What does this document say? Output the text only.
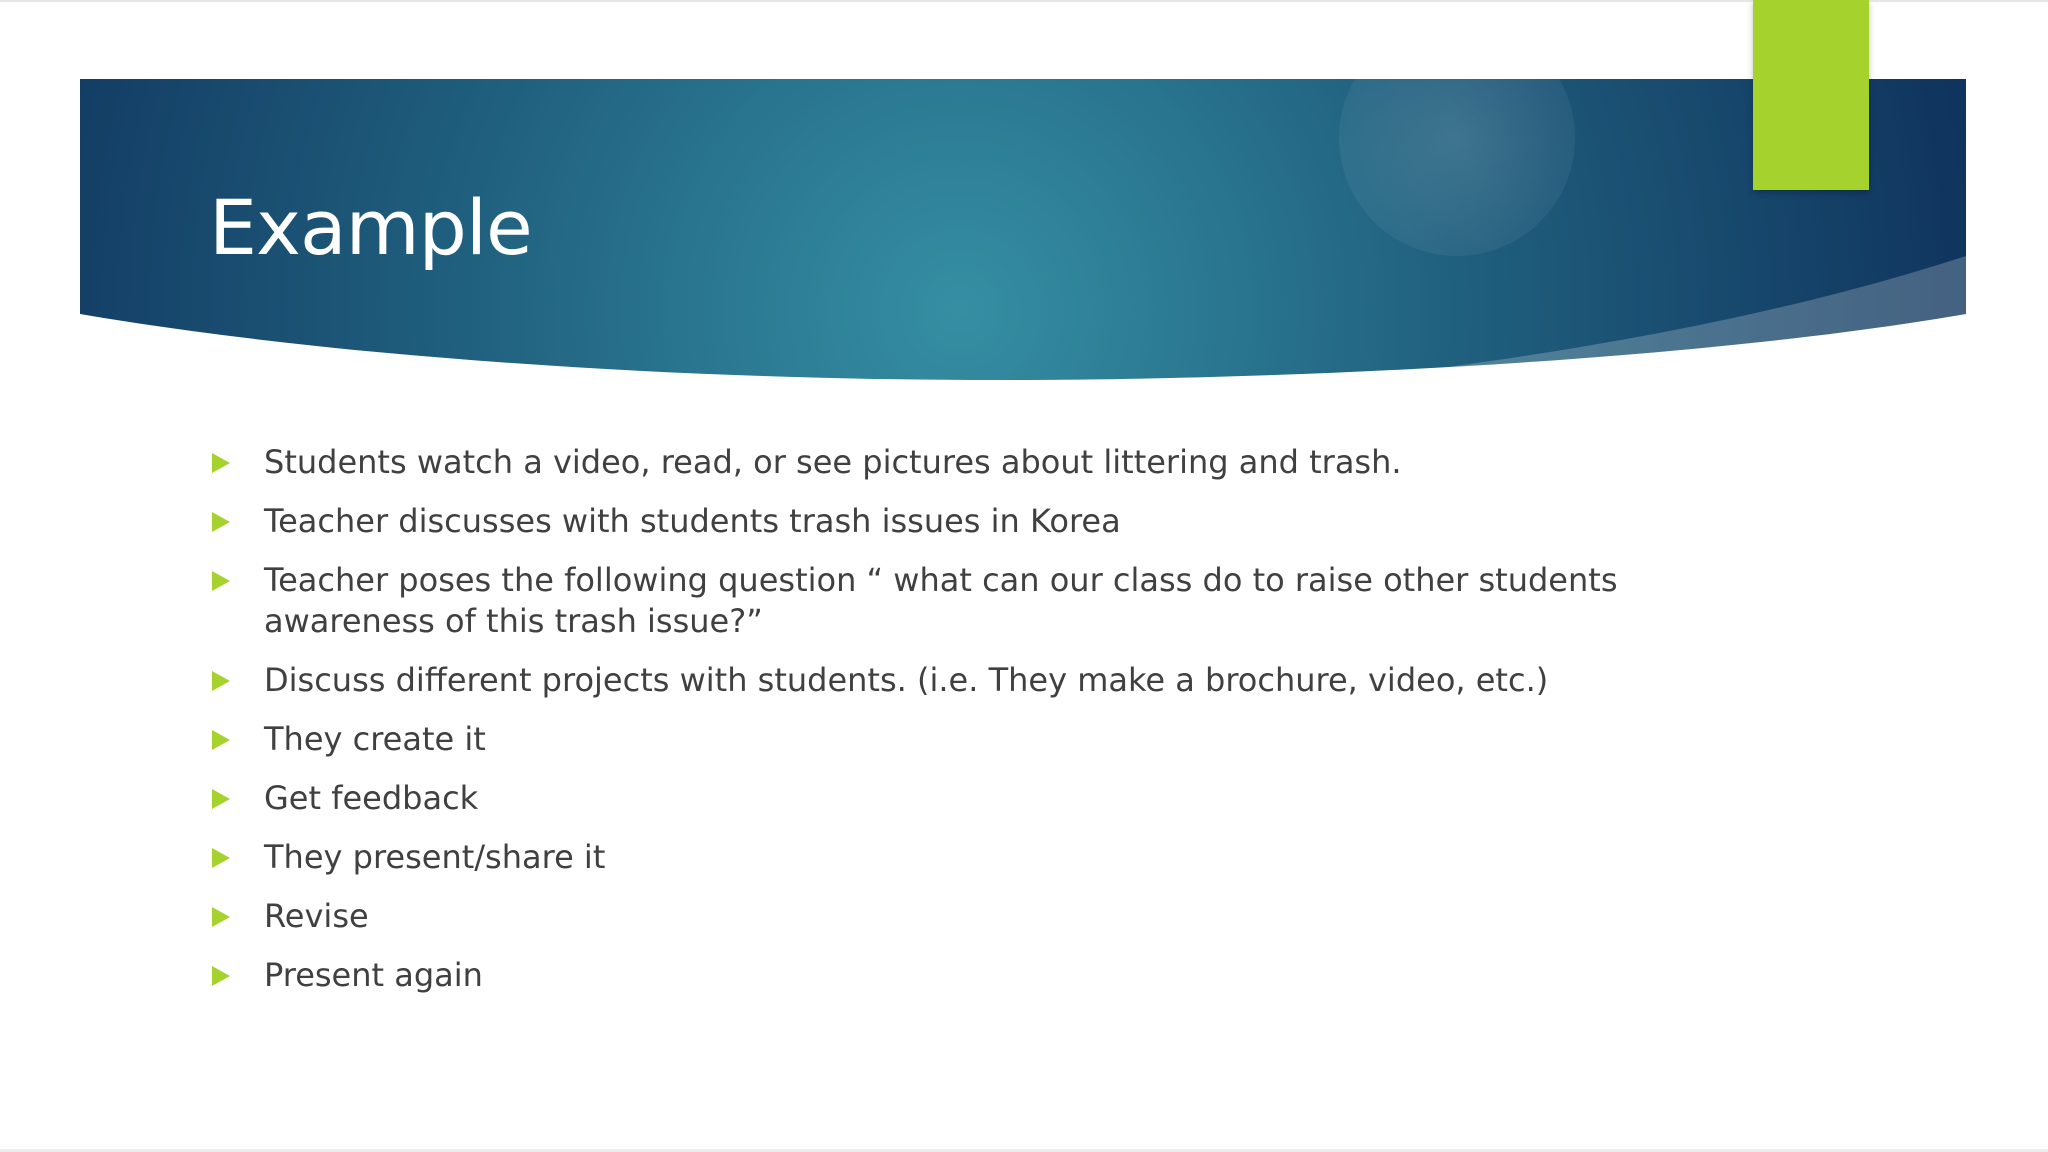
Example
Students watch a video, read, or see pictures about littering and trash.
Teacher discusses with students trash issues in Korea
Teacher poses the following question “ what can our class do to raise other students awareness of this trash issue?”
Discuss different projects with students. (i.e. They make a brochure, video, etc.)
They create it
Get feedback
They present/share it
Revise
Present again
